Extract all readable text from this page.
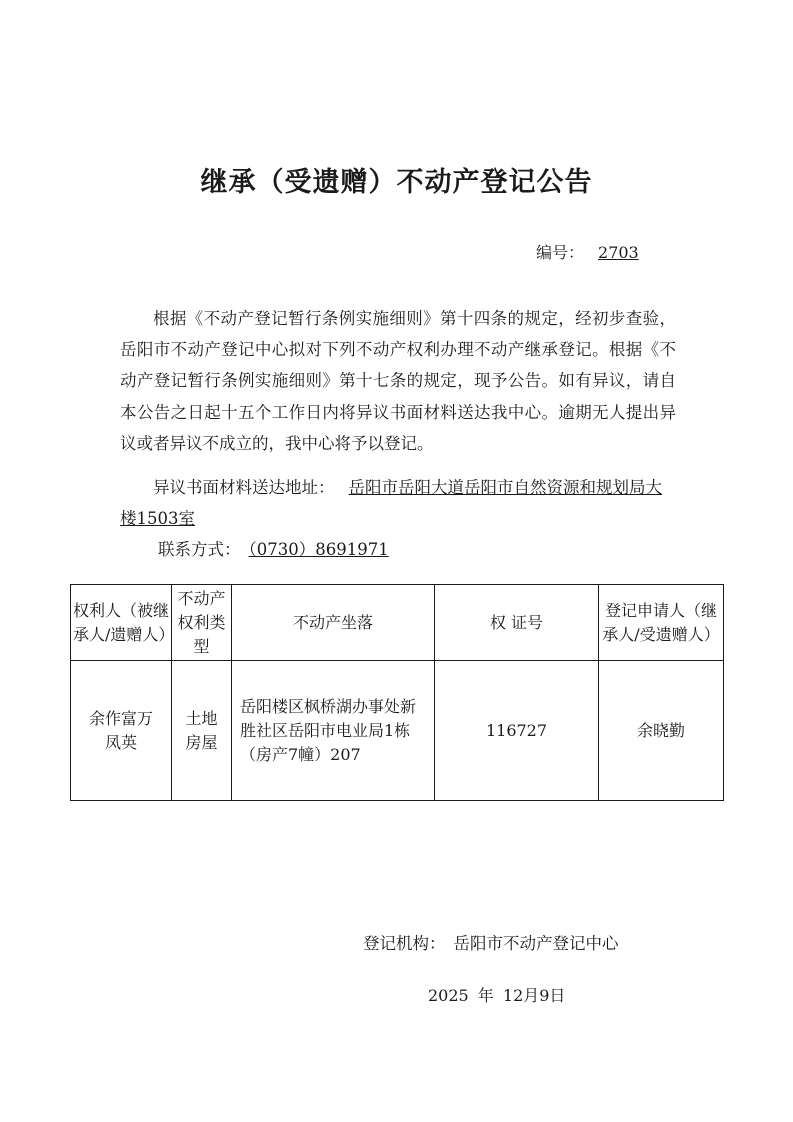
继承（受遗赠）不动产登记公告
编号： 2703

根据《不动产登记暂行条例实施细则》第十四条的规定，经初步查验，岳阳市不动产登记中心拟对下列不动产权利办理不动产继承登记。根据《不动产登记暂行条例实施细则》第十七条的规定，现予公告。如有异议，请自本公告之日起十五个工作日内将异议书面材料送达我中心。逾期无人提出异议或者异议不成立的，我中心将予以登记。

异议书面材料送达地址： 岳阳市岳阳大道岳阳市自然资源和规划局大楼1503室

联系方式： （0730）8691971
权利人（被继承人/遗赠人）	不动产权利类型	不动产坐落	权 证号	登记申请人（继承人/受遗赠人）
余作富万凤英	土地房屋	岳阳楼区枫桥湖办事处新胜社区岳阳市电业局1栋（房产7幢）207	116727	余晓勤
登记机构： 岳阳市不动产登记中心
2025 年 12月9日
